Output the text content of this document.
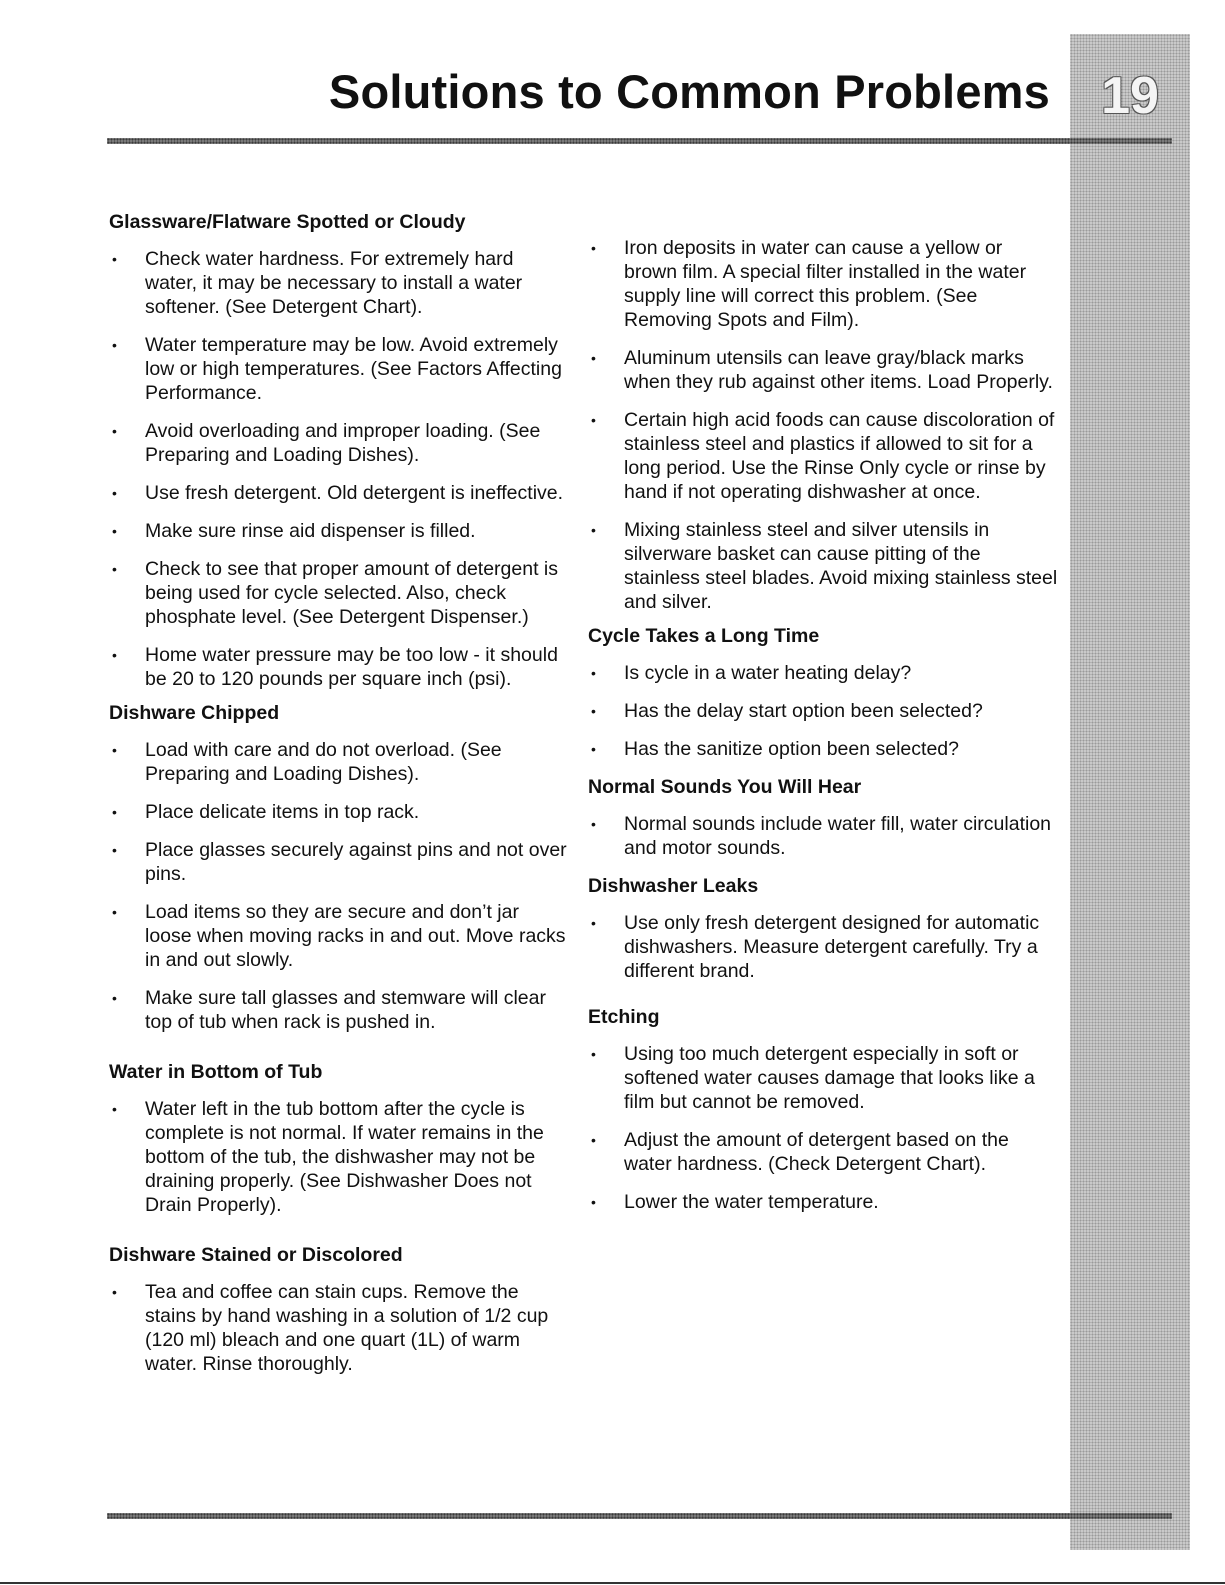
Solutions to Common Problems 19
Glassware/Flatware Spotted or Cloudy
• Check water hardness. For extremely hard water, it may be necessary to install a water softener. (See Detergent Chart).
• Water temperature may be low. Avoid extremely low or high temperatures. (See Factors Affecting Performance.
• Avoid overloading and improper loading. (See Preparing and Loading Dishes).
• Use fresh detergent. Old detergent is ineffective.
• Make sure rinse aid dispenser is filled.
• Check to see that proper amount of detergent is being used for cycle selected. Also, check phosphate level. (See Detergent Dispenser.)
• Home water pressure may be too low - it should be 20 to 120 pounds per square inch (psi).
Dishware Chipped
• Load with care and do not overload. (See Preparing and Loading Dishes).
• Place delicate items in top rack.
• Place glasses securely against pins and not over pins.
• Load items so they are secure and don’t jar loose when moving racks in and out. Move racks in and out slowly.
• Make sure tall glasses and stemware will clear top of tub when rack is pushed in.
Water in Bottom of Tub
• Water left in the tub bottom after the cycle is complete is not normal. If water remains in the bottom of the tub, the dishwasher may not be draining properly. (See Dishwasher Does not Drain Properly).
Dishware Stained or Discolored
• Tea and coffee can stain cups. Remove the stains by hand washing in a solution of 1/2 cup (120 ml) bleach and one quart (1L) of warm water. Rinse thoroughly.
• Iron deposits in water can cause a yellow or brown film. A special filter installed in the water supply line will correct this problem. (See Removing Spots and Film).
• Aluminum utensils can leave gray/black marks when they rub against other items. Load Properly.
• Certain high acid foods can cause discoloration of stainless steel and plastics if allowed to sit for a long period. Use the Rinse Only cycle or rinse by hand if not operating dishwasher at once.
• Mixing stainless steel and silver utensils in silverware basket can cause pitting of the stainless steel blades. Avoid mixing stainless steel and silver.
Cycle Takes a Long Time
• Is cycle in a water heating delay?
• Has the delay start option been selected?
• Has the sanitize option been selected?
Normal Sounds You Will Hear
• Normal sounds include water fill, water circulation and motor sounds.
Dishwasher Leaks
• Use only fresh detergent designed for automatic dishwashers. Measure detergent carefully. Try a different brand.
Etching
• Using too much detergent especially in soft or softened water causes damage that looks like a film but cannot be removed.
• Adjust the amount of detergent based on the water hardness. (Check Detergent Chart).
• Lower the water temperature.
